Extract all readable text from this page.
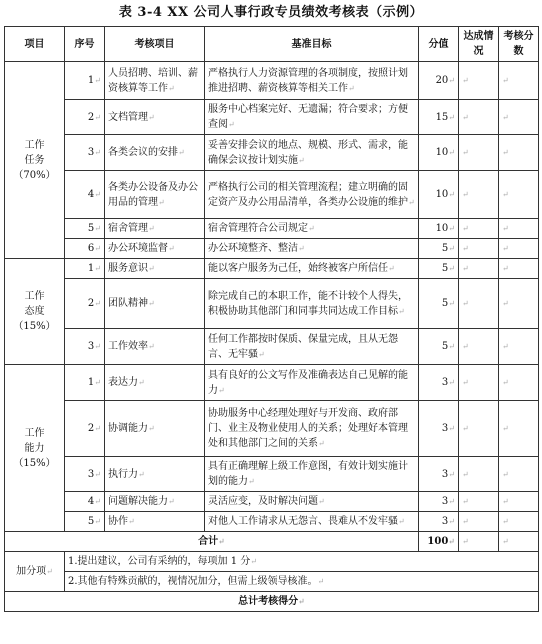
表 3-4 XX 公司人事行政专员绩效考核表（示例）
项目	序号	考核项目	基准目标	分值	达成情况	考核分数

工作
任务
（70%）	1↵	人员招聘、培训、薪资核算等工作↵	严格执行人力资源管理的各项制度，按照计划推进招聘、薪资核算等相关工作↵	20↵	↵	↵
	2↵	文档管理↵	服务中心档案完好、无遗漏；符合要求；方便查阅↵	15↵	↵	↵
	3↵	各类会议的安排↵	妥善安排会议的地点、规模、形式、需求，能确保会议按计划实施↵	10↵	↵	↵
	4↵	各类办公设备及办公用品的管理↵	严格执行公司的相关管理流程；建立明确的固定资产及办公用品清单，各类办公设施的维护↵	10↵	↵	↵
	5↵	宿舍管理↵	宿舍管理符合公司规定↵	10↵	↵	↵
	6↵	办公环境监督↵	办公环境整齐、整洁↵	5↵	↵	↵

工作
态度
（15%）	1↵	服务意识↵	能以客户服务为己任，始终被客户所信任↵	5↵	↵	↵
	2↵	团队精神↵	除完成自己的本职工作，能不计较个人得失，积极协助其他部门和同事共同达成工作目标↵	5↵	↵	↵
	3↵	工作效率↵	任何工作都按时保质、保量完成，且从无怨言、无牢骚↵	5↵	↵	↵

工作
能力
（15%）	1↵	表达力↵	具有良好的公文写作及准确表达自己见解的能力↵	3↵	↵	↵
	2↵	协调能力↵	协助服务中心经理处理好与开发商、政府部门、业主及物业使用人的关系；处理好本管理处和其他部门之间的关系↵	3↵	↵	↵
	3↵	执行力↵	具有正确理解上级工作意图，有效计划实施计划的能力↵	3↵	↵	↵
	4↵	问题解决能力↵	灵活应变，及时解决问题↵	3↵	↵	↵
	5↵	协作↵	对他人工作请求从无怨言、畏难从不发牢骚↵	3↵	↵	↵
合计↵				100↵	↵	↵
加分项↵	1.提出建议，公司有采纳的，每项加 1 分↵					
	2.其他有特殊贡献的，视情况加分，但需上级领导核准。↵					
总计考核得分↵						
